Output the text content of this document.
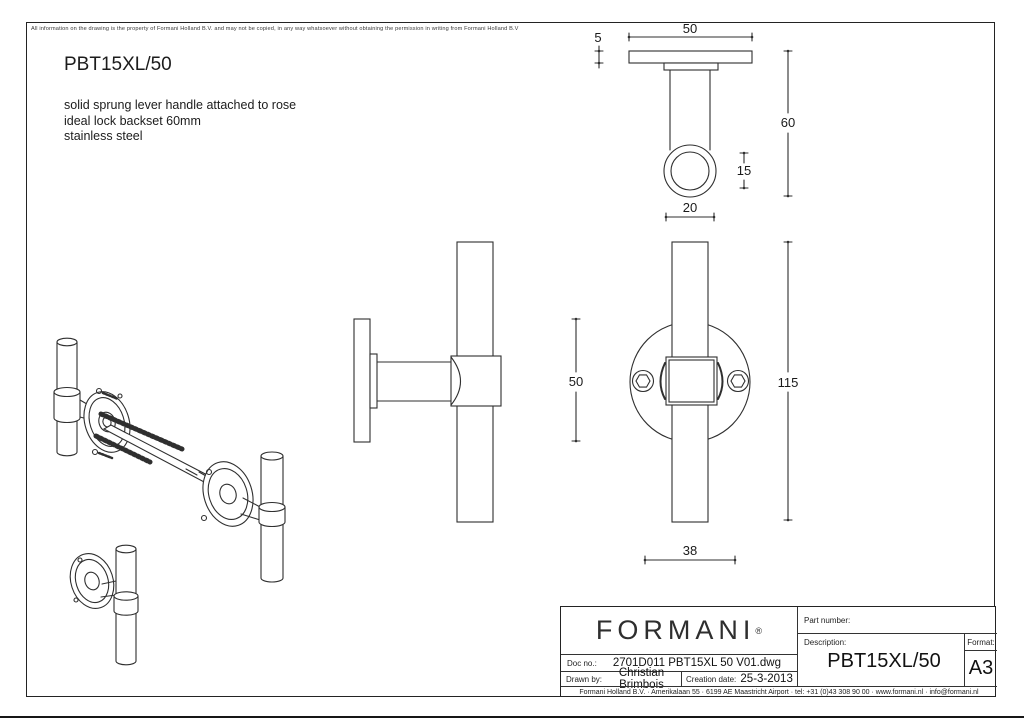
All information on the drawing is the property of Formani Holland B.V. and may not be copied, in any way whatsoever without obtaining the permission in writing from Formani Holland B.V
PBT15XL/50
solid sprung lever handle attached to rose
ideal lock backset 60mm
stainless steel
50
5
60
15
20
50	115
38
FORMANI ®
Doc no.:	2701D011 PBT15XL 50 V01.dwg
Drawn by:	Christian Brimbois	Creation date: 25-3-2013
Part number:
Description:
PBT15XL/50
Format:
A3
Formani Holland B.V. · Amerikalaan 55 · 6199 AE Maastricht Airport · tel: +31 (0)43 308 90 00 · www.formani.nl · info@formani.nl
